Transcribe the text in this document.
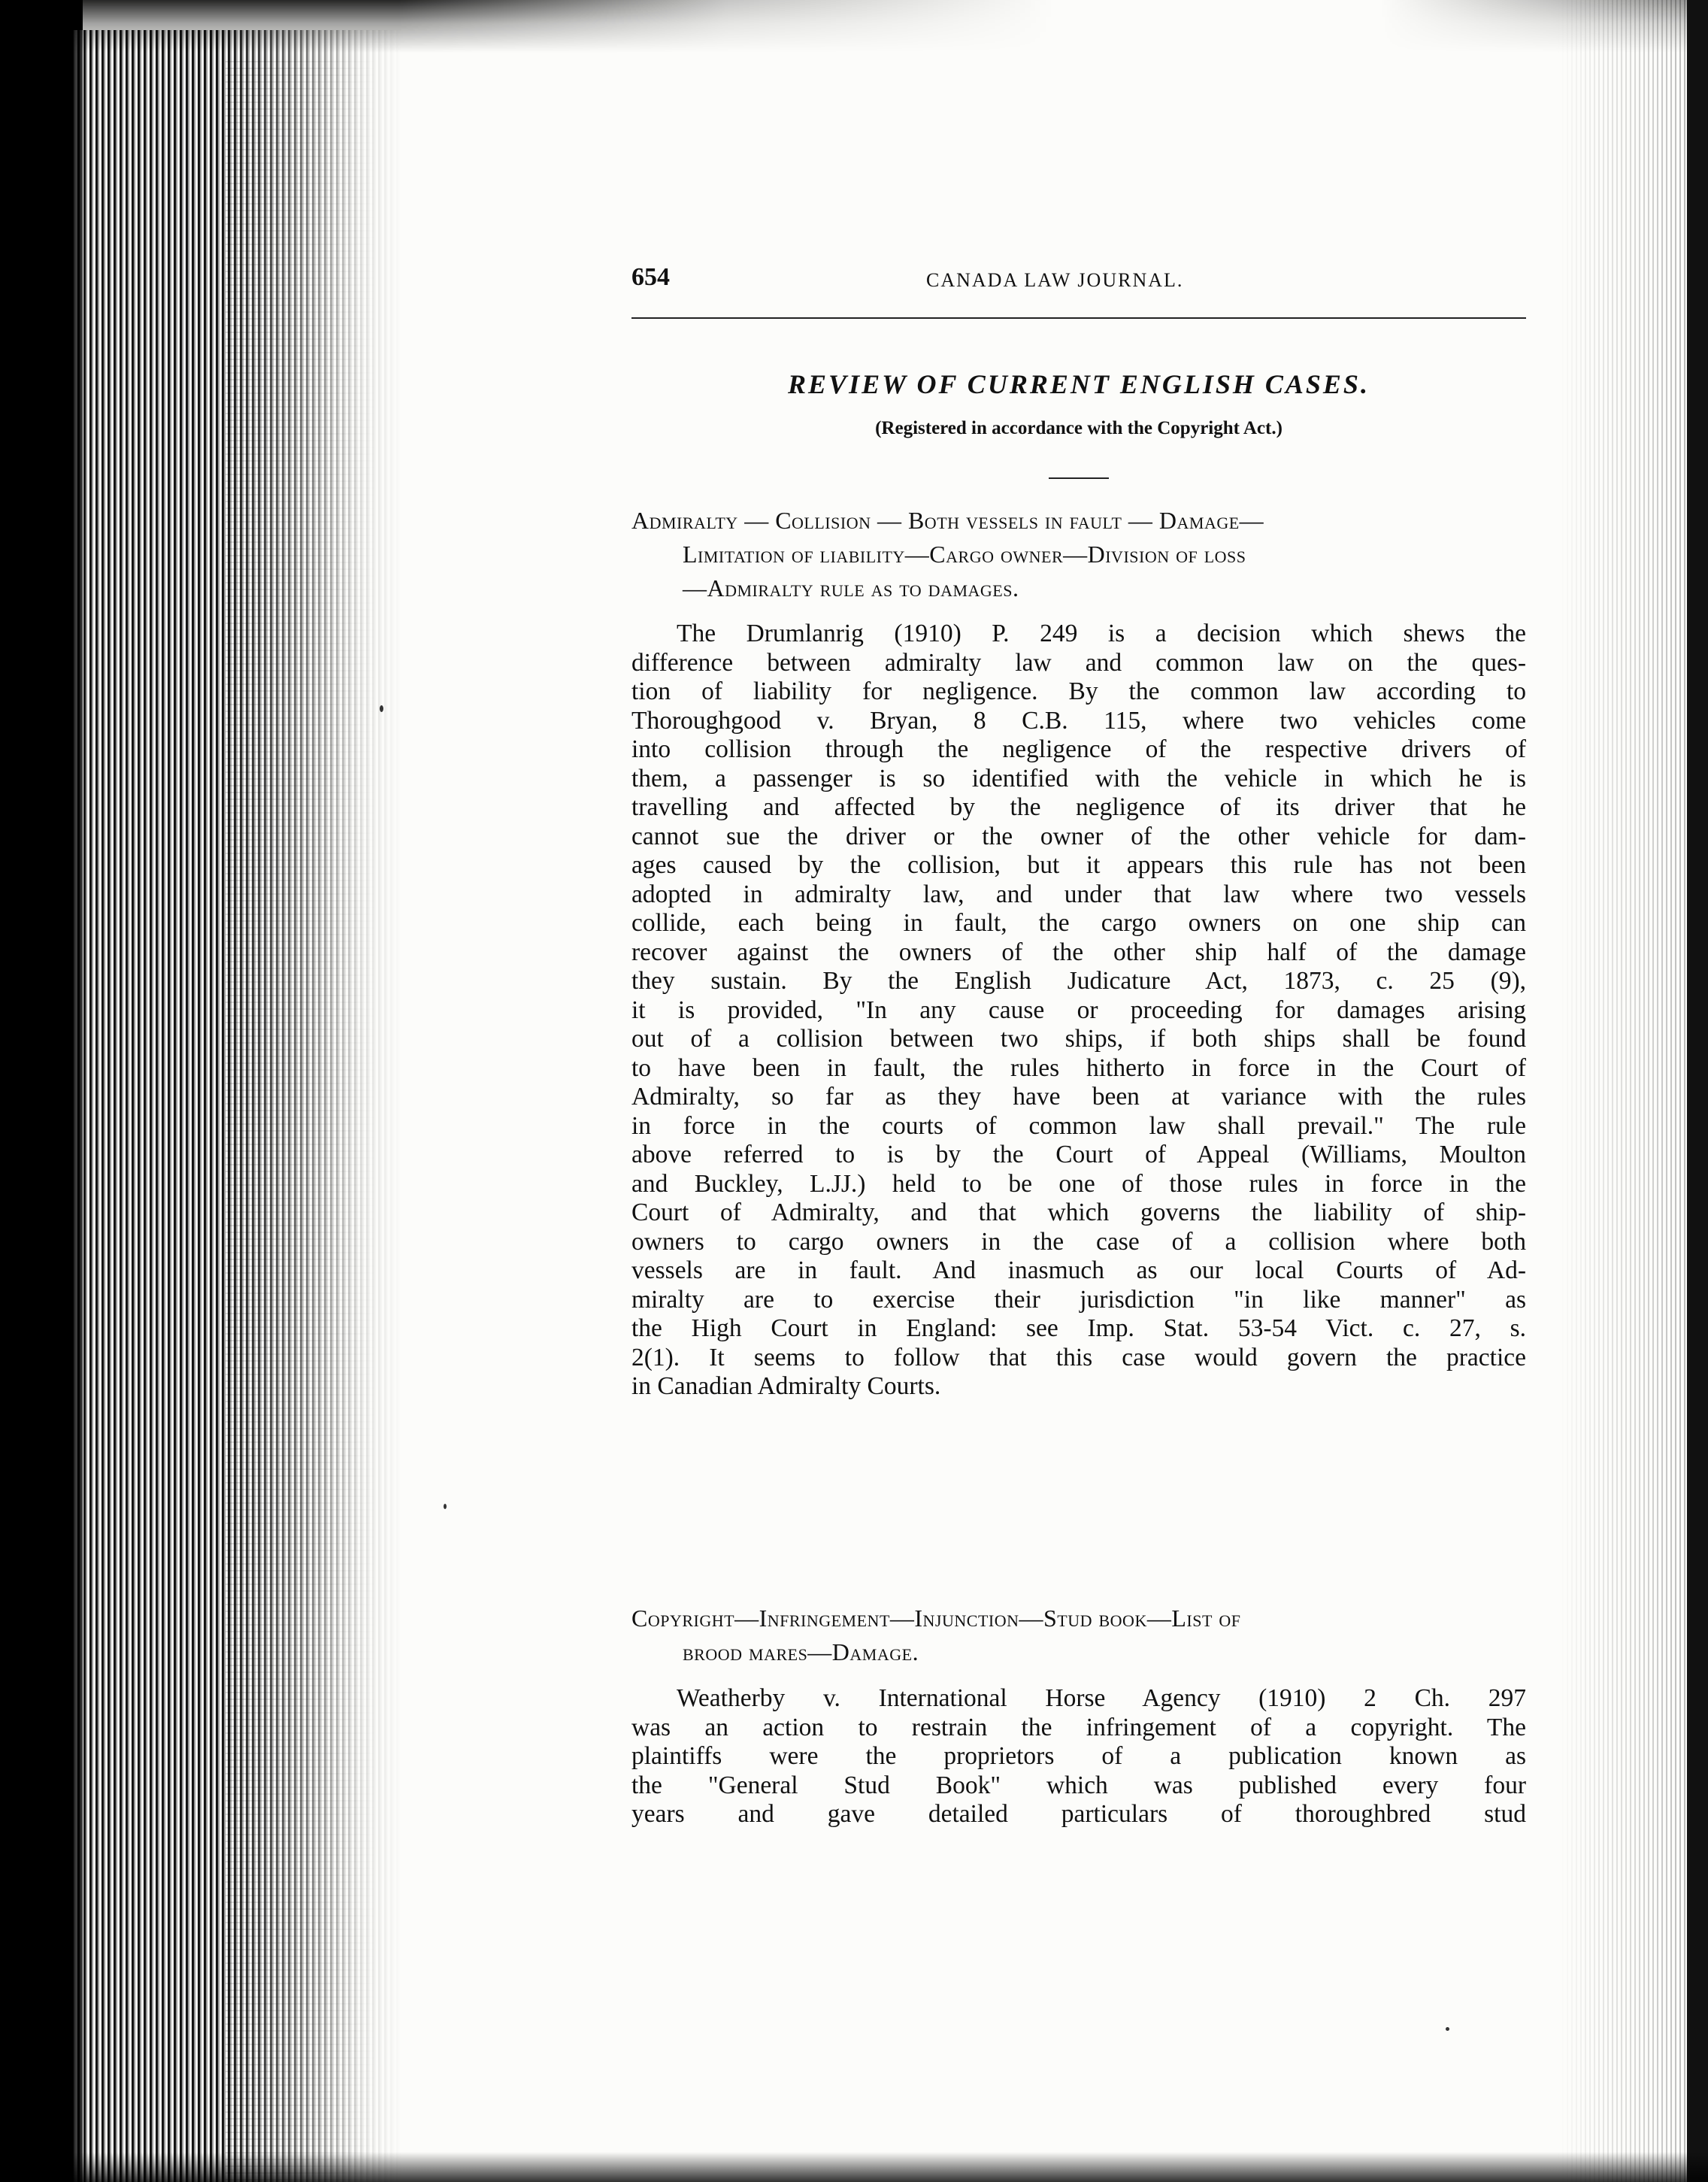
654	CANADA LAW JOURNAL.
REVIEW OF CURRENT ENGLISH CASES.
(Registered in accordance with the Copyright Act.)
Admiralty — Collision — Both vessels in fault — Damage—
Limitation of liability—Cargo owner—Division of loss
—Admiralty rule as to damages.
The Drumlanrig (1910) P. 249 is a decision which shews the
difference between admiralty law and common law on the ques-
tion of liability for negligence. By the common law according to
Thoroughgood v. Bryan, 8 C.B. 115, where two vehicles come
into collision through the negligence of the respective drivers of
them, a passenger is so identified with the vehicle in which he is
travelling and affected by the negligence of its driver that he
cannot sue the driver or the owner of the other vehicle for dam-
ages caused by the collision, but it appears this rule has not been
adopted in admiralty law, and under that law where two vessels
collide, each being in fault, the cargo owners on one ship can
recover against the owners of the other ship half of the damage
they sustain. By the English Judicature Act, 1873, c. 25 (9),
it is provided, "In any cause or proceeding for damages arising
out of a collision between two ships, if both ships shall be found
to have been in fault, the rules hitherto in force in the Court of
Admiralty, so far as they have been at variance with the rules
in force in the courts of common law shall prevail." The rule
above referred to is by the Court of Appeal (Williams, Moulton
and Buckley, L.JJ.) held to be one of those rules in force in the
Court of Admiralty, and that which governs the liability of ship-
owners to cargo owners in the case of a collision where both
vessels are in fault. And inasmuch as our local Courts of Ad-
miralty are to exercise their jurisdiction "in like manner" as
the High Court in England: see Imp. Stat. 53-54 Vict. c. 27, s.
2(1). It seems to follow that this case would govern the practice
in Canadian Admiralty Courts.
Copyright—Infringement—Injunction—Stud book—List of
brood mares—Damage.
Weatherby v. International Horse Agency (1910) 2 Ch. 297
was an action to restrain the infringement of a copyright. The
plaintiffs were the proprietors of a publication known as
the "General Stud Book" which was published every four
years and gave detailed particulars of thoroughbred stud
